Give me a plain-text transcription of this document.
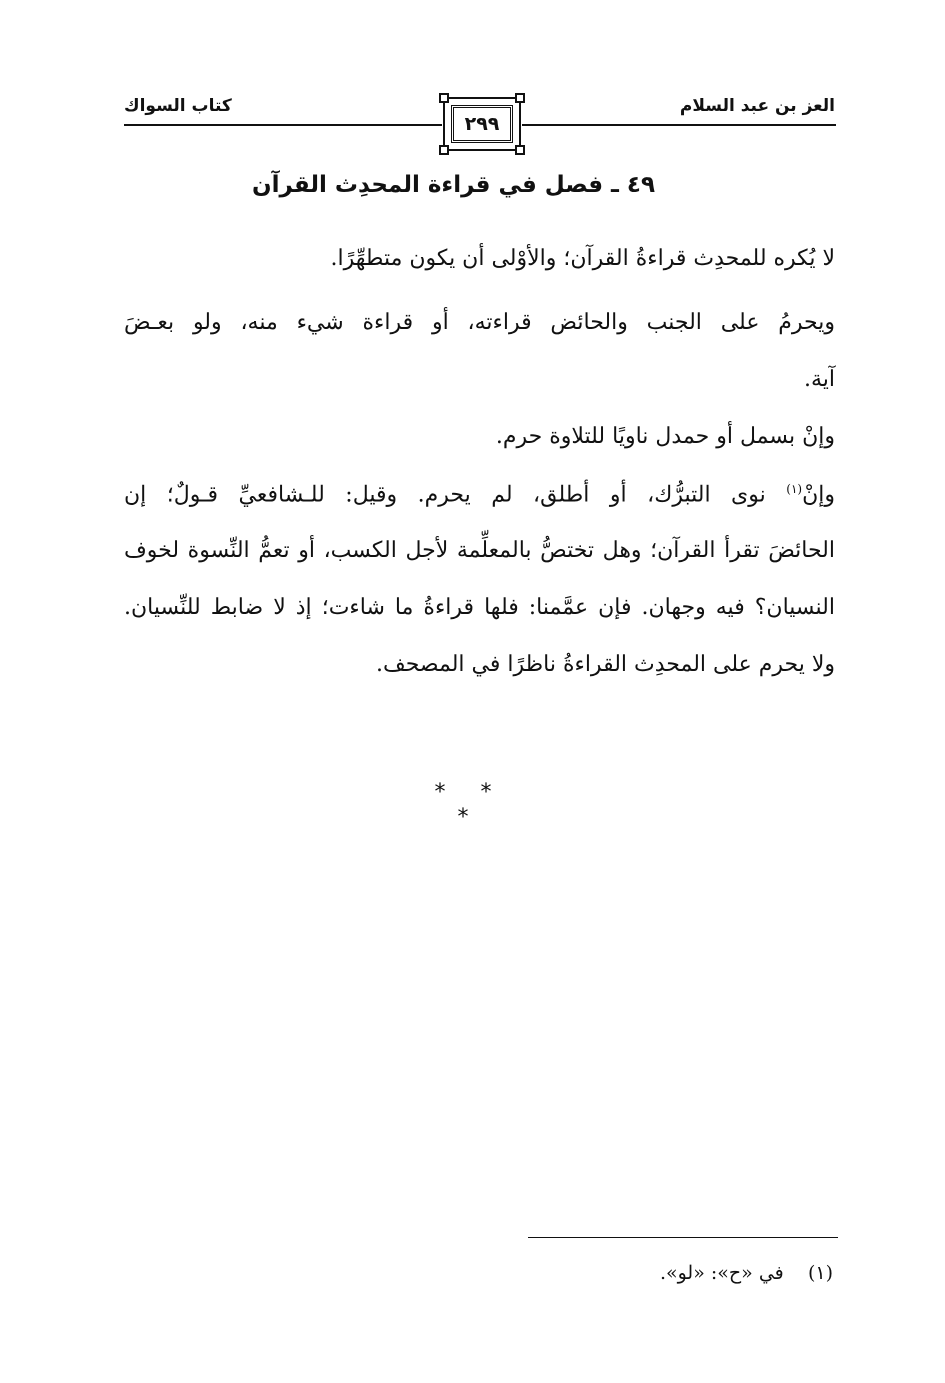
العز بن عبد السلام
كتاب السواك
٢٩٩
٤٩ ـ فصل في قراءة المحدِث القرآن
لا يُكره للمحدِث قراءةُ القرآن؛ والأوْلى أن يكون متطهِّرًا.
ويحرمُ على الجنب والحائض قراءته، أو قراءة شيء منه، ولو بعـضَ
آية.
وإنْ بسمل أو حمدل ناويًا للتلاوة حرم.
وإنْ$^{(١)}$ نوى التبرُّك، أو أطلق، لم يحرم. وقيل: للـشافعيِّ قـولٌ؛ إن
الحائضَ تقرأ القرآن؛ وهل تختصُّ بالمعلِّمة لأجل الكسب، أو تعمُّ النِّسوة لخوف
النسيان؟ فيه وجهان. فإن عمَّمنا: فلها قراءةُ ما شاءت؛ إذ لا ضابط للنِّسيان.
ولا يحرم على المحدِث القراءةُ ناظرًا في المصحف.
* * *
(١)    في «ح»: «لو».
